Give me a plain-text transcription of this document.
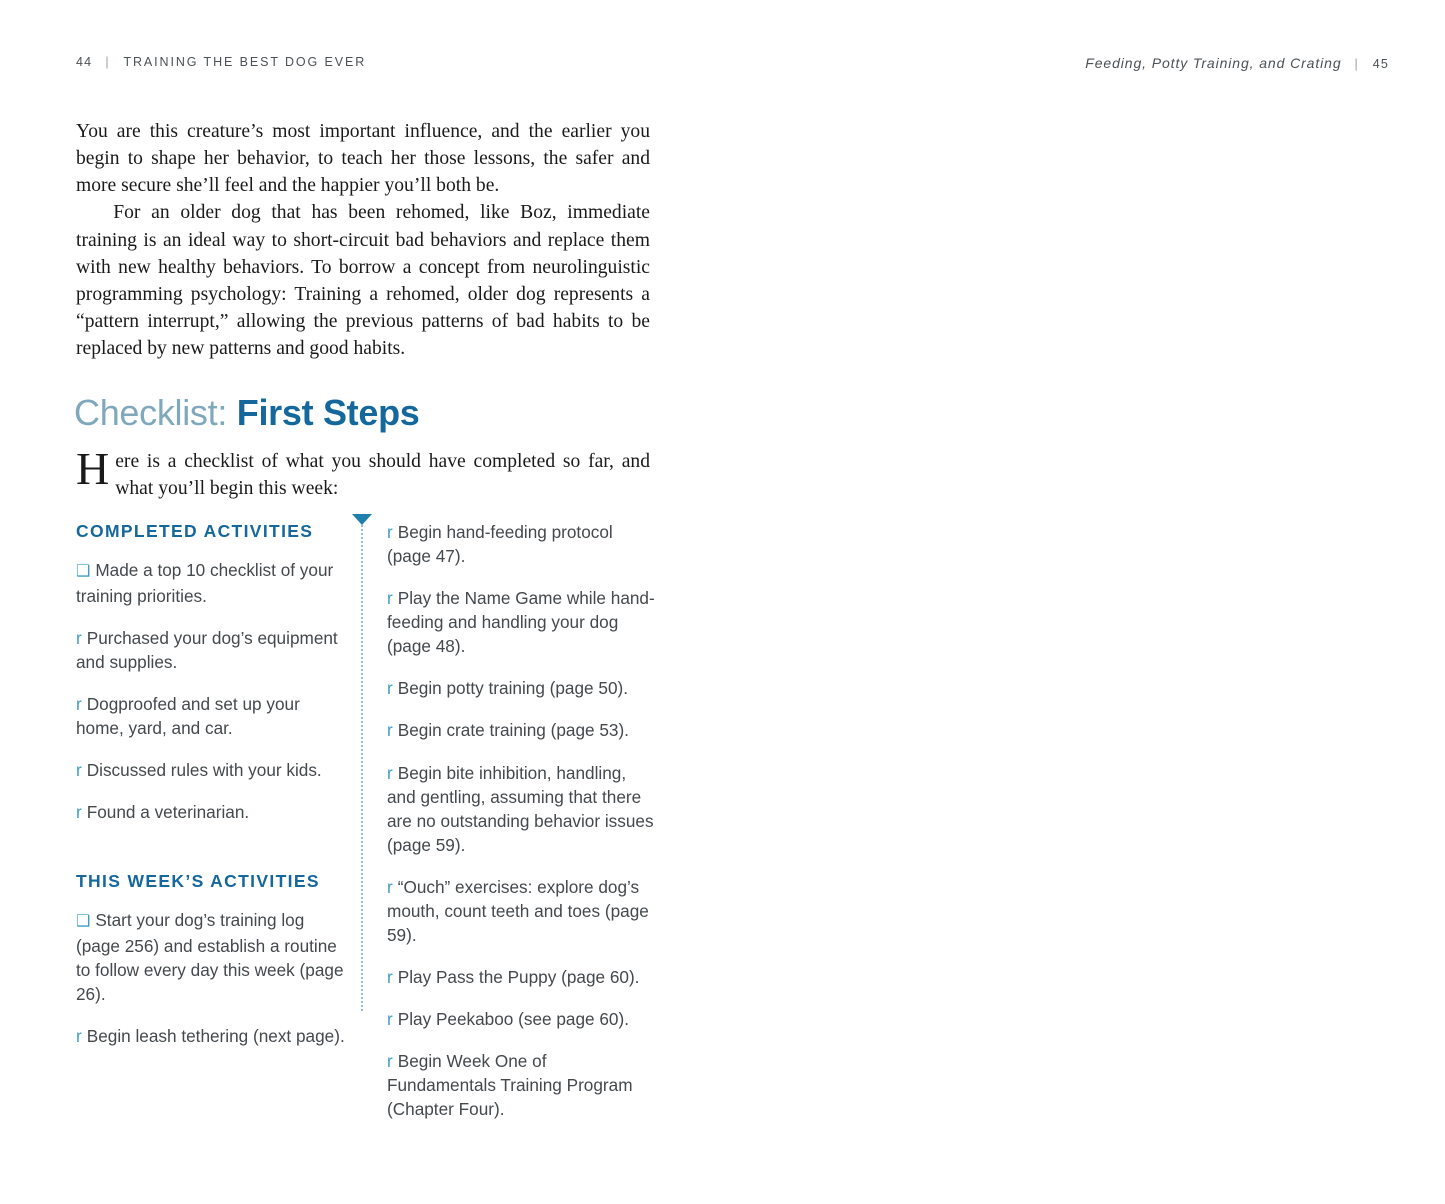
44 | TRAINING THE BEST DOG EVER

You are this creature’s most important influence, and the earlier you begin to shape her behavior, to teach her those lessons, the safer and more secure she’ll feel and the happier you’ll both be.

For an older dog that has been rehomed, like Boz, immediate training is an ideal way to short-circuit bad behaviors and replace them with new healthy behaviors. To borrow a concept from neurolinguistic programming psychology: Training a rehomed, older dog represents a “pattern interrupt,” allowing the previous patterns of bad habits to be replaced by new patterns and good habits.

Checklist: First Steps

Here is a checklist of what you should have completed so far, and what you’ll begin this week:

COMPLETED ACTIVITIES
❑ Made a top 10 checklist of your training priorities.
r Purchased your dog’s equipment and supplies.
r Dogproofed and set up your home, yard, and car.
r Discussed rules with your kids.
r Found a veterinarian.
THIS WEEK’S ACTIVITIES
❑ Start your dog’s training log (page 256) and establish a routine to follow every day this week (page 26).
r Begin leash tethering (next page).
r Begin hand-feeding protocol (page 47).
r Play the Name Game while hand-feeding and handling your dog (page 48).
r Begin potty training (page 50).
r Begin crate training (page 53).
r Begin bite inhibition, handling, and gentling, assuming that there are no outstanding behavior issues (page 59).
r “Ouch” exercises: explore dog’s mouth, count teeth and toes (page 59).
r Play Pass the Puppy (page 60).
r Play Peekaboo (see page 60).
r Begin Week One of Fundamentals Training Program (Chapter Four).
Feeding, Potty Training, and Crating | 45
